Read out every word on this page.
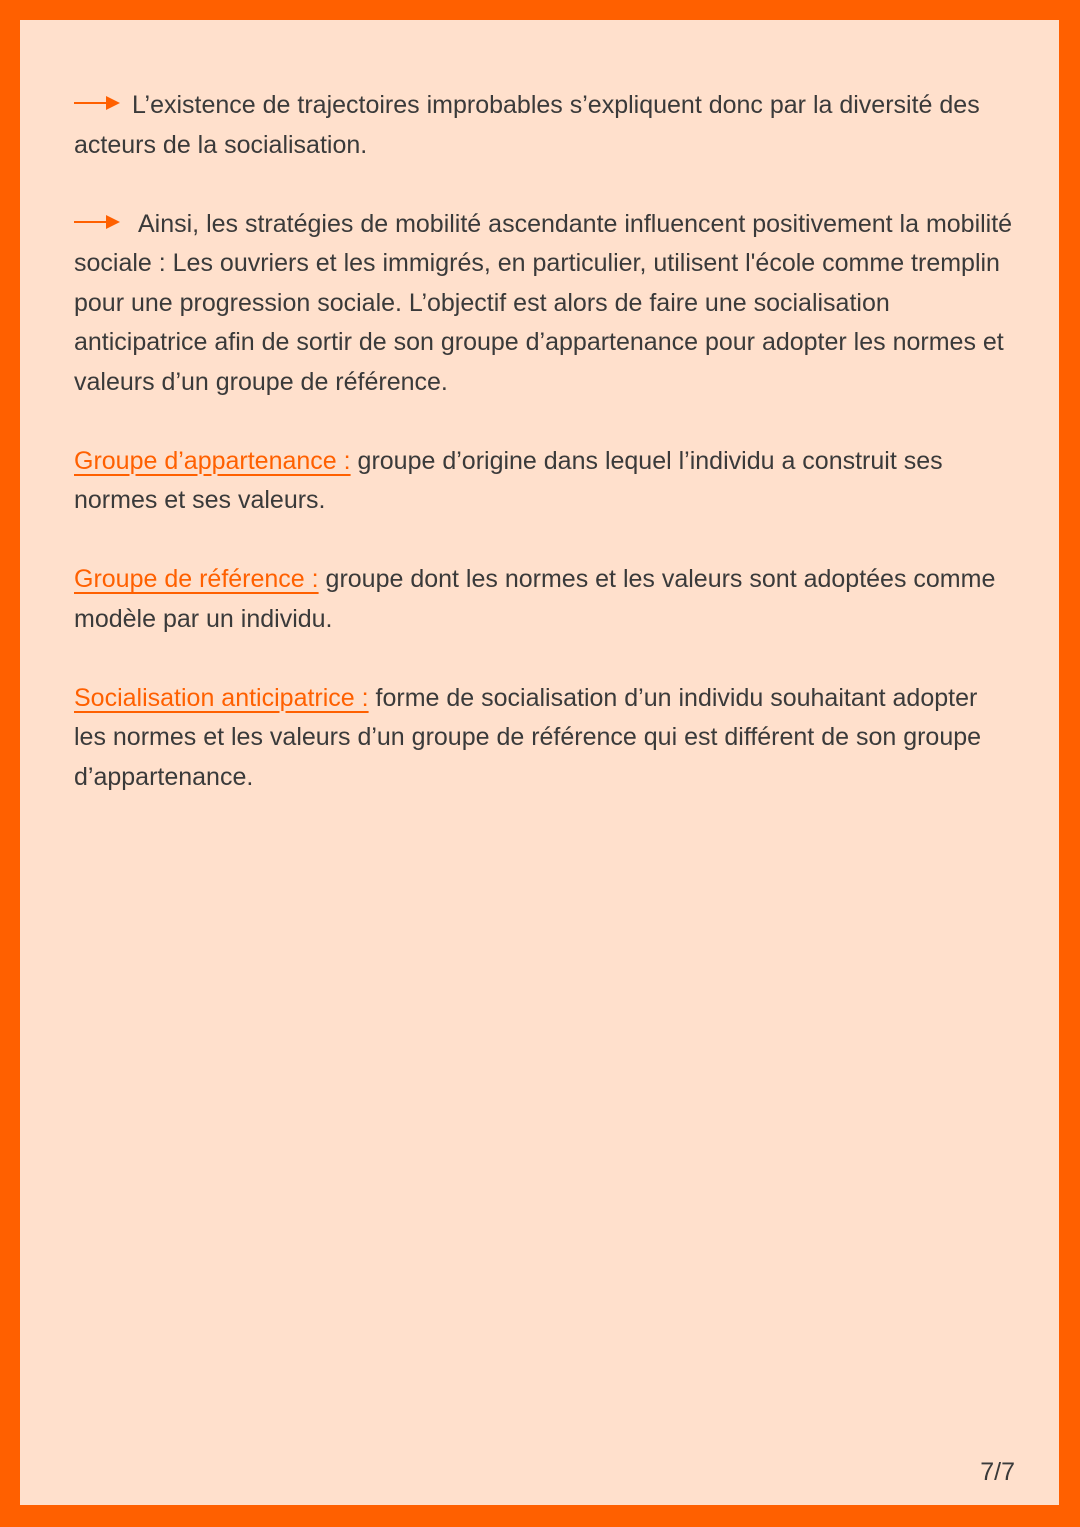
L’existence de trajectoires improbables s’expliquent donc par la diversité des acteurs de la socialisation.

Ainsi, les stratégies de mobilité ascendante influencent positivement la mobilité sociale : Les ouvriers et les immigrés, en particulier, utilisent l'école comme tremplin pour une progression sociale. L’objectif est alors de faire une socialisation anticipatrice afin de sortir de son groupe d’appartenance pour adopter les normes et valeurs d’un groupe de référence.

Groupe d’appartenance : groupe d’origine dans lequel l’individu a construit ses normes et ses valeurs.

Groupe de référence : groupe dont les normes et les valeurs sont adoptées comme modèle par un individu.

Socialisation anticipatrice : forme de socialisation d’un individu souhaitant adopter les normes et les valeurs d’un groupe de référence qui est différent de son groupe d’appartenance.

7/7
